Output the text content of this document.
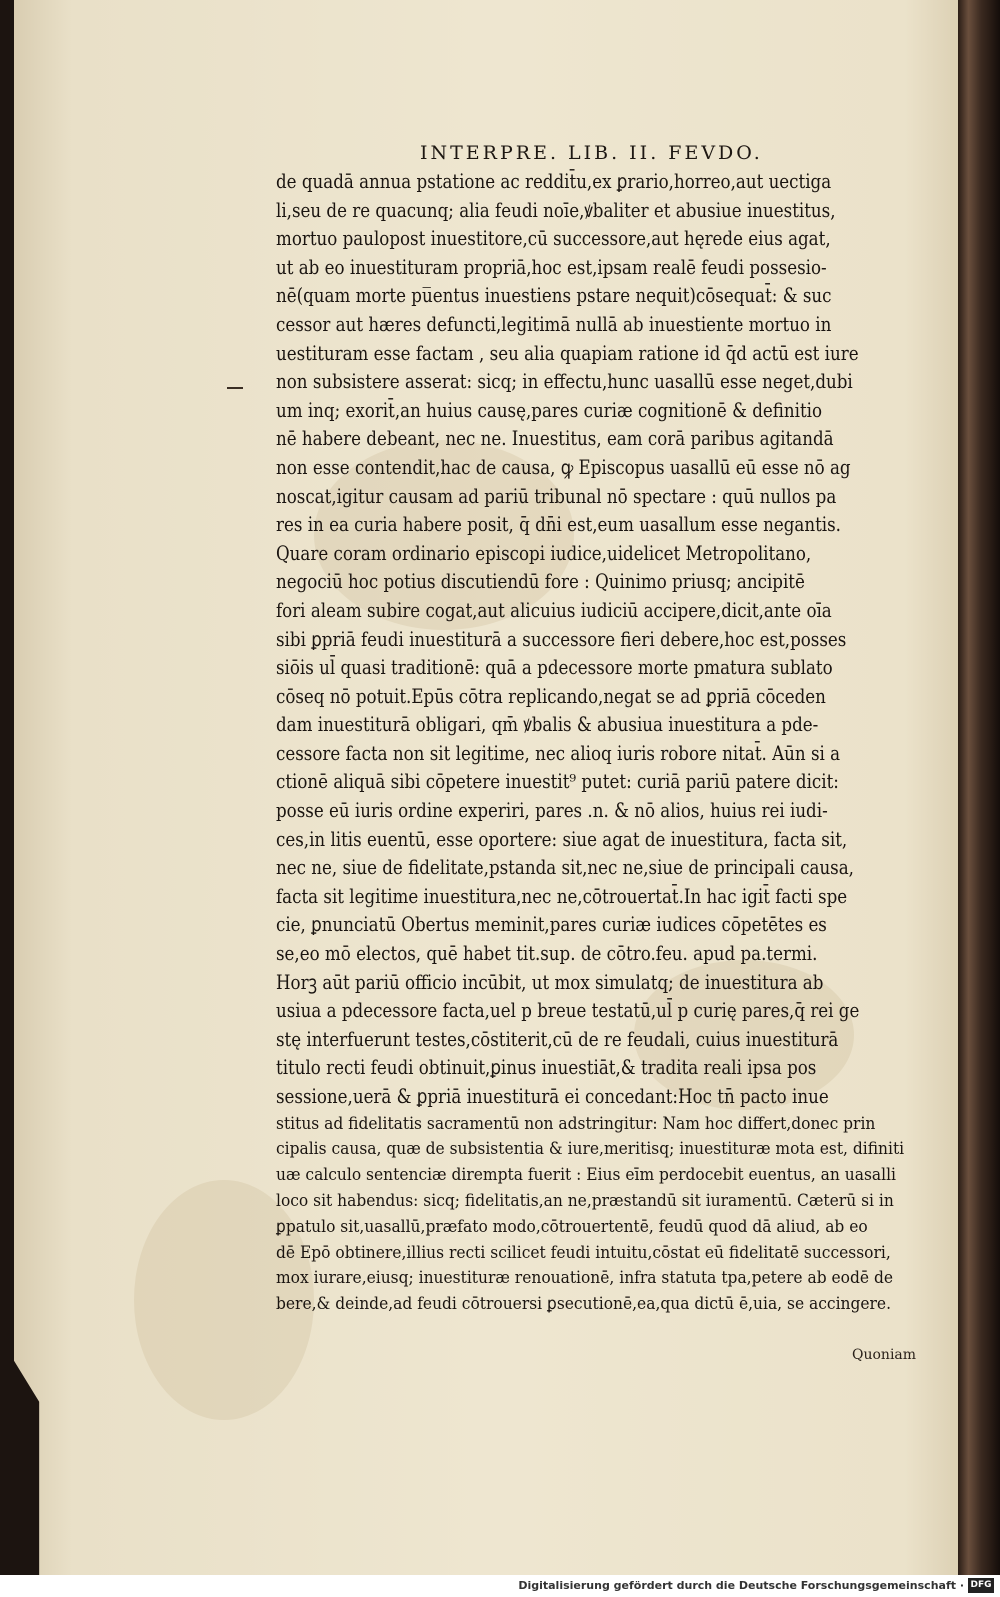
INTERPRE. LIB. II. FEVDO.
de quadā annua pstatione ac reddit̄u,ex ꝑrario,horreo,aut uectiga
li,seu de re quacunq; alia feudi noīe,ꝟbaliter et abusiue inuestitus,
mortuo paulopost inuestitore,cū successore,aut hęrede eius agat,
ut ab eo inuestituram propriā,hoc est,ipsam realē feudi possesio-
nē(quam morte pu̅entus inuestiens pstare nequit)cōsequat̄: & suc
cessor aut hæres defuncti,legitimā nullā ab inuestiente mortuo in
uestituram esse factam , seu alia quapiam ratione id q̄d actū est iure
non subsistere asserat: sicq; in effectu,hunc uasallū esse neget,dubi
um inq; exorit̄,an huius causę,pares curiæ cognitionē & definitio
nē habere debeant, nec ne. Inuestitus, eam corā paribus agitandā
non esse contendit,hac de causa, ꝙ Episcopus uasallū eū esse nō ag
noscat,igitur causam ad pariū tribunal nō spectare : quū nullos pa
res in ea curia habere posit, q̄ dn̄i est,eum uasallum esse negantis.
Quare coram ordinario episcopi iudice,uidelicet Metropolitano,
negociū hoc potius discutiendū fore : Quinimo priusq; ancipitē
fori aleam subire cogat,aut alicuius iudiciū accipere,dicit,ante oīa
sibi ꝑpriā feudi inuestiturā a successore fieri debere,hoc est,posses
siōis ul̄ quasi traditionē: quā a pdecessore morte pmatura sublato
cōseq nō potuit.Epūs cōtra replicando,negat se ad ꝑpriā cōceden
dam inuestiturā obligari, qm̄ ꝟbalis & abusiua inuestitura a pde-
cessore facta non sit legitime, nec alioq iuris robore nitat̄. Aūn si a
ctionē aliquā sibi cōpetere inuestit⁹ putet: curiā pariū patere dicit:
posse eū iuris ordine experiri, pares .n. & nō alios, huius rei iudi-
ces,in litis euentū, esse oportere: siue agat de inuestitura, facta sit,
nec ne, siue de fidelitate,pstanda sit,nec ne,siue de principali causa,
facta sit legitime inuestitura,nec ne,cōtrouertat̄.In hac igit̄ facti spe
cie, ꝑnunciatū Obertus meminit,pares curiæ iudices cōpetētes es
se,eo mō electos, quē habet tit.sup. de cōtro.feu. apud pa.termi.
Horꝫ aūt pariū officio incūbit, ut mox simulatq; de inuestitura ab
usiua a pdecessore facta,uel p breue testatū,ul̄ p curię pares,q̄ rei ge
stę interfuerunt testes,cōstiterit,cū de re feudali, cuius inuestiturā
titulo recti feudi obtinuit,ꝑinus inuestiāt,& tradita reali ipsa pos
sessione,uerā & ꝑpriā inuestiturā ei concedant:Hoc tn̄ pacto inue
stitus ad fidelitatis sacramentū non adstringitur: Nam hoc differt,donec prin
cipalis causa, quæ de subsistentia & iure,meritisq; inuestituræ mota est, difiniti
uæ calculo sentenciæ dirempta fuerit : Eius eīm perdocebit euentus, an uasalli
loco sit habendus: sicq; fidelitatis,an ne,præstandū sit iuramentū. Cæterū si in
ꝑpatulo sit,uasallū,præfato modo,cōtrouertentē, feudū quod dā aliud, ab eo
dē Epō obtinere,illius recti scilicet feudi intuitu,cōstat eū fidelitatē successori,
mox iurare,eiusq; inuestituræ renouationē, infra statuta tpa,petere ab eodē de
bere,& deinde,ad feudi cōtrouersi ꝑsecutionē,ea,qua dictū ē,uia, se accingere.
Quoniam
Digitalisierung gefördert durch die Deutsche Forschungsgemeinschaft · DFG
